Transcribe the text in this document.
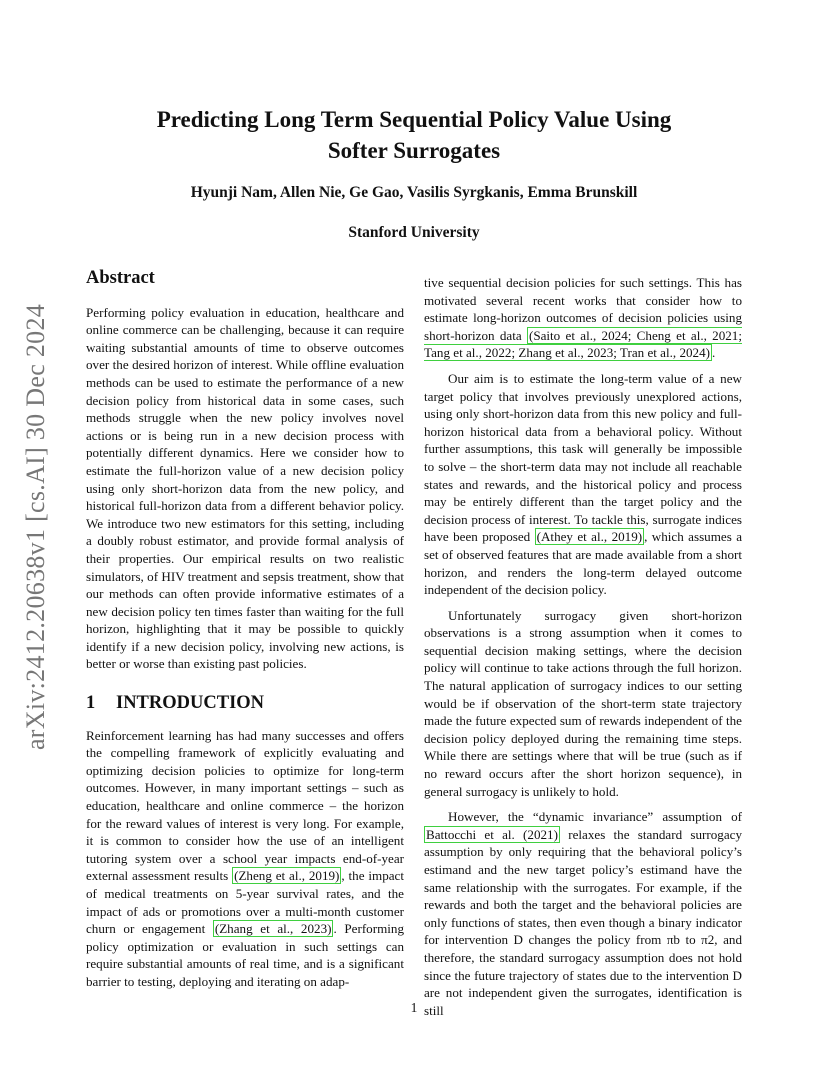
arXiv:2412.20638v1 [cs.AI] 30 Dec 2024
Predicting Long Term Sequential Policy Value Using
Softer Surrogates
Hyunji Nam, Allen Nie, Ge Gao, Vasilis Syrgkanis, Emma Brunskill
Stanford University
Abstract

Performing policy evaluation in education, healthcare and online commerce can be challenging, because it can require waiting substantial amounts of time to observe outcomes over the desired horizon of interest. While offline evaluation methods can be used to estimate the performance of a new decision policy from historical data in some cases, such methods struggle when the new policy involves novel actions or is being run in a new decision process with potentially different dynamics. Here we consider how to estimate the full-horizon value of a new decision policy using only short-horizon data from the new policy, and historical full-horizon data from a different behavior policy. We introduce two new estimators for this setting, including a doubly robust estimator, and provide formal analysis of their properties. Our empirical results on two realistic simulators, of HIV treatment and sepsis treatment, show that our methods can often provide informative estimates of a new decision policy ten times faster than waiting for the full horizon, highlighting that it may be possible to quickly identify if a new decision policy, involving new actions, is better or worse than existing past policies.

1 INTRODUCTION

Reinforcement learning has had many successes and offers the compelling framework of explicitly evaluating and optimizing decision policies to optimize for long-term outcomes. However, in many important settings – such as education, healthcare and online commerce – the horizon for the reward values of interest is very long. For example, it is common to consider how the use of an intelligent tutoring system over a school year impacts end-of-year external assessment results (Zheng et al., 2019) , the impact of medical treatments on 5-year survival rates, and the impact of ads or promotions over a multi-month customer churn or engagement (Zhang et al., 2023) . Performing policy optimization or evaluation in such settings can require substantial amounts of real time, and is a significant barrier to testing, deploying and iterating on adap-

tive sequential decision policies for such settings. This has motivated several recent works that consider how to estimate long-horizon outcomes of decision policies using short-horizon data (Saito et al., 2024; Cheng et al., 2021; Tang et al., 2022; Zhang et al., 2023; Tran et al., 2024) .

Our aim is to estimate the long-term value of a new target policy that involves previously unexplored actions, using only short-horizon data from this new policy and full-horizon historical data from a behavioral policy. Without further assumptions, this task will generally be impossible to solve – the short-term data may not include all reachable states and rewards, and the historical policy and process may be entirely different than the target policy and the decision process of interest. To tackle this, surrogate indices have been proposed (Athey et al., 2019) , which assumes a set of observed features that are made available from a short horizon, and renders the long-term delayed outcome independent of the decision policy.

Unfortunately surrogacy given short-horizon observations is a strong assumption when it comes to sequential decision making settings, where the decision policy will continue to take actions through the full horizon. The natural application of surrogacy indices to our setting would be if observation of the short-term state trajectory made the future expected sum of rewards independent of the decision policy deployed during the remaining time steps. While there are settings where that will be true (such as if no reward occurs after the short horizon sequence), in general surrogacy is unlikely to hold.

However, the “dynamic invariance” assumption of Battocchi et al. (2021) relaxes the standard surrogacy assumption by only requiring that the behavioral policy’s estimand and the new target policy’s estimand have the same relationship with the surrogates. For example, if the rewards and both the target and the behavioral policies are only functions of states, then even though a binary indicator for intervention D changes the policy from πb to π2, and therefore, the standard surrogacy assumption does not hold since the future trajectory of states due to the intervention D are not independent given the surrogates, identification is still

1
